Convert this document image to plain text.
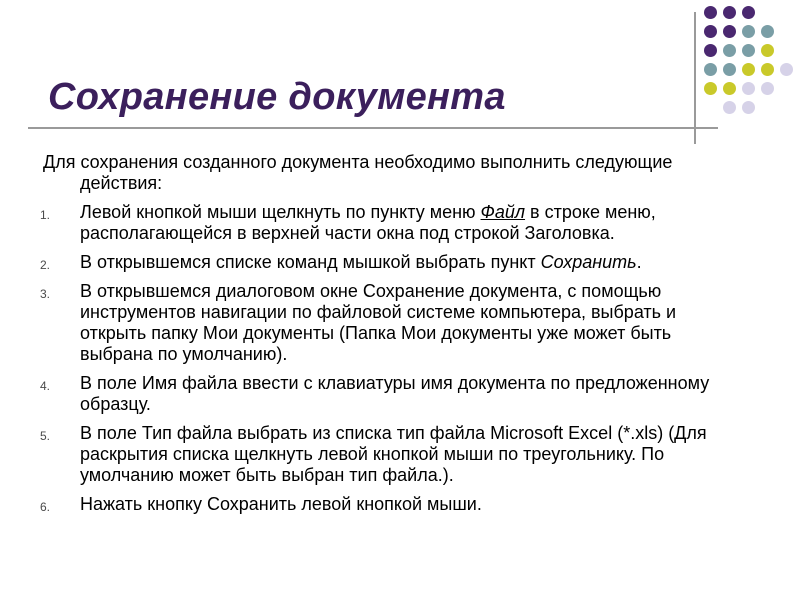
Сохранение документа

Для сохранения созданного документа необходимо выполнить следующие действия:

1. Левой кнопкой мыши щелкнуть по пункту меню Файл в строке меню, располагающейся в верхней части окна под строкой Заголовка.
2. В открывшемся списке команд мышкой выбрать пункт Сохранить.
3. В открывшемся диалоговом окне Сохранение документа, с помощью инструментов навигации по файловой системе компьютера, выбрать и открыть папку Мои документы (Папка Мои документы уже может быть выбрана по умолчанию).
4. В поле Имя файла ввести с клавиатуры имя документа по предложенному образцу.
5. В поле Тип файла выбрать из списка тип файла Microsoft Excel (*.xls) (Для раскрытия списка щелкнуть левой кнопкой мыши по треугольнику. По умолчанию может быть выбран тип файла.).
6. Нажать кнопку Сохранить левой кнопкой мыши.
